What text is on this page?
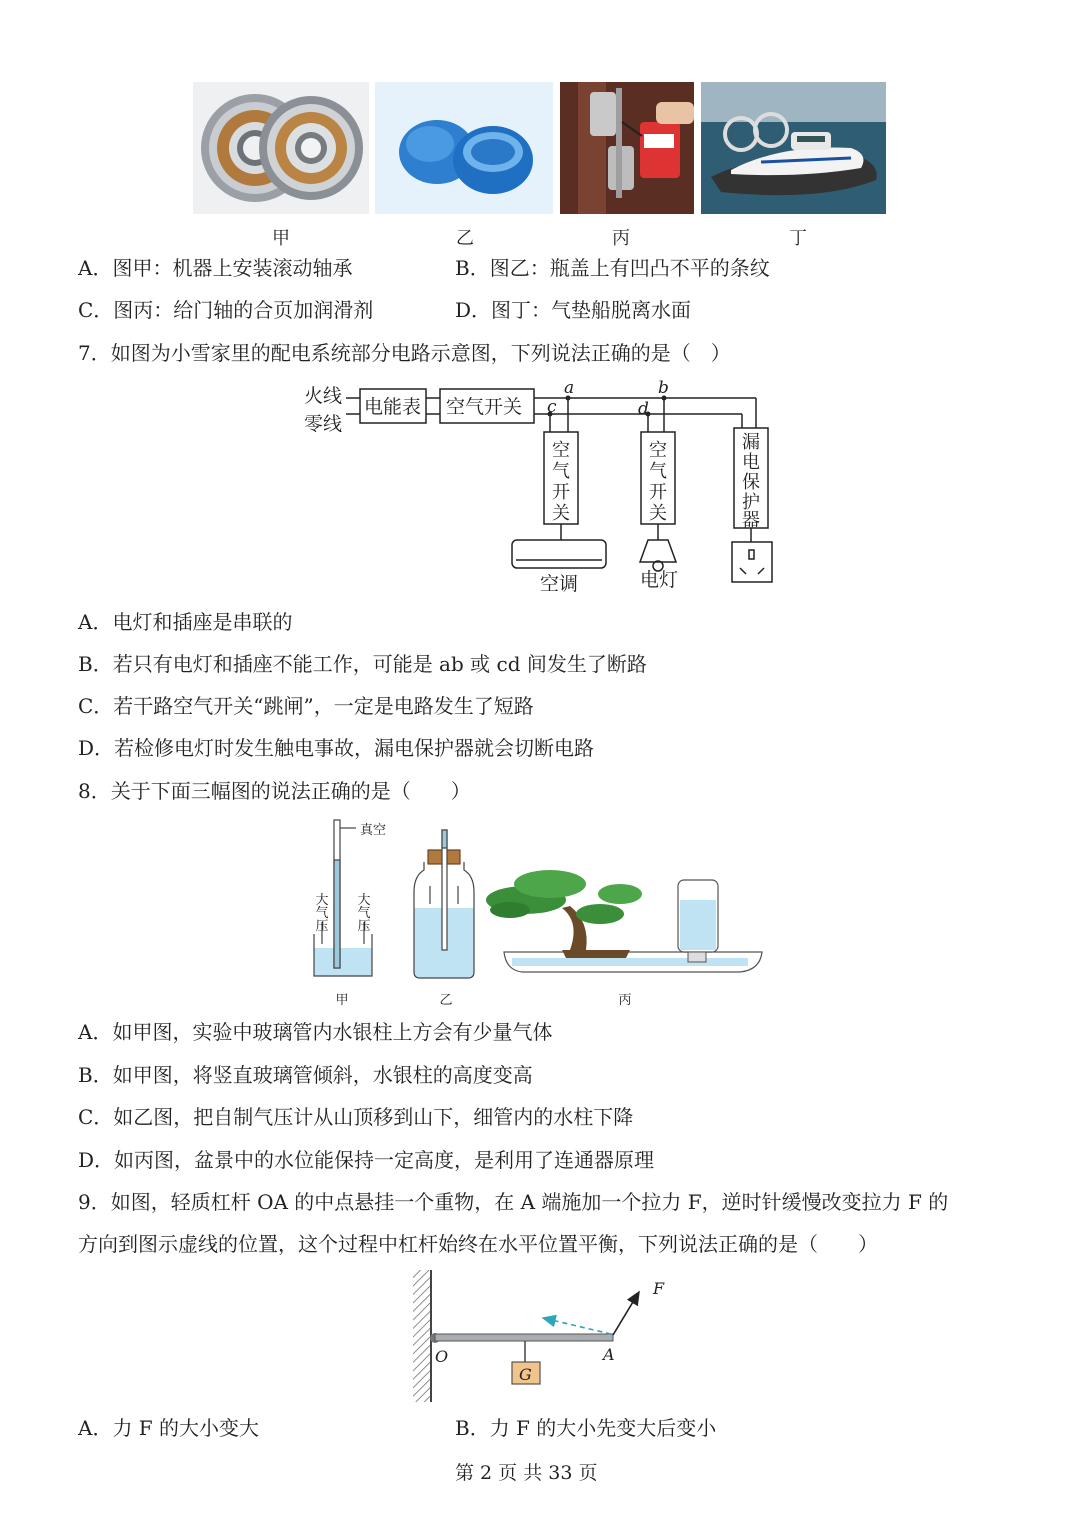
甲	乙	丙	丁
A．图甲：机器上安装滚动轴承	B．图乙：瓶盖上有凹凸不平的条纹
C．图丙：给门轴的合页加润滑剂	D．图丁：气垫船脱离水面
7．如图为小雪家里的配电系统部分电路示意图，下列说法正确的是（　）
火线
零线
电能表 空气开关
空调	电灯
a	b
c	d
空
气
开
关
空
气
开
关
漏
电
保
护
器
A．电灯和插座是串联的
B．若只有电灯和插座不能工作，可能是 ab 或 cd 间发生了断路
C．若干路空气开关“跳闸”，一定是电路发生了短路
D．若检修电灯时发生触电事故，漏电保护器就会切断电路
8．关于下面三幅图的说法正确的是（　　）
真空
大
气
压
大
气
压
甲	乙	丙
A．如甲图，实验中玻璃管内水银柱上方会有少量气体
B．如甲图，将竖直玻璃管倾斜，水银柱的高度变高
C．如乙图，把自制气压计从山顶移到山下，细管内的水柱下降
D．如丙图，盆景中的水位能保持一定高度，是利用了连通器原理
9．如图，轻质杠杆 OA 的中点悬挂一个重物，在 A 端施加一个拉力 F，逆时针缓慢改变拉力 F 的
方向到图示虚线的位置，这个过程中杠杆始终在水平位置平衡，下列说法正确的是（　　）
O	A
F
G
A．力 F 的大小变大	B．力 F 的大小先变大后变小
第 2 页 共 33 页
